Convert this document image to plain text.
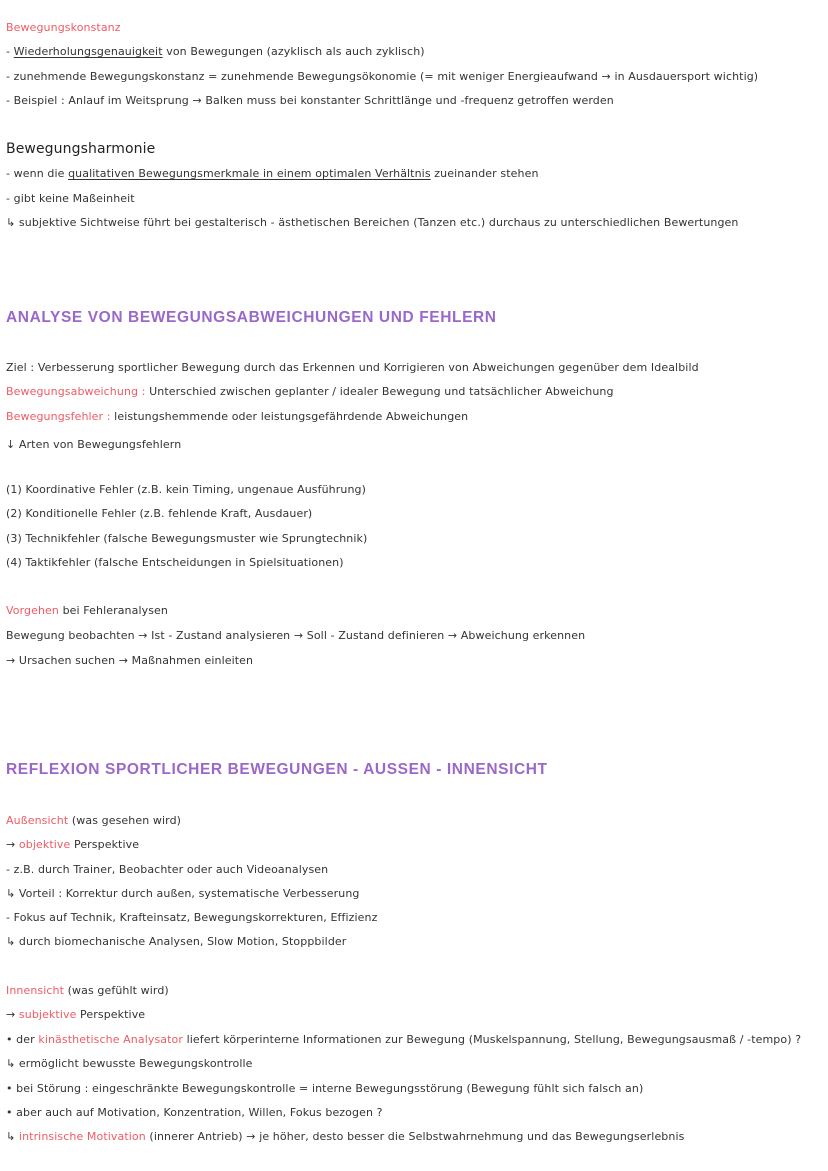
Bewegungskonstanz
- Wiederholungsgenauigkeit von Bewegungen (azyklisch als auch zyklisch)
- zunehmende Bewegungskonstanz = zunehmende Bewegungsökonomie (= mit weniger Energieaufwand → in Ausdauersport wichtig)
- Beispiel : Anlauf im Weitsprung → Balken muss bei konstanter Schrittlänge und -frequenz getroffen werden
Bewegungsharmonie
- wenn die qualitativen Bewegungsmerkmale in einem optimalen Verhältnis zueinander stehen
- gibt keine Maßeinheit
↳ subjektive Sichtweise führt bei gestalterisch - ästhetischen Bereichen (Tanzen etc.) durchaus zu unterschiedlichen Bewertungen
ANALYSE VON BEWEGUNGSABWEICHUNGEN UND FEHLERN
Ziel : Verbesserung sportlicher Bewegung durch das Erkennen und Korrigieren von Abweichungen gegenüber dem Idealbild
Bewegungsabweichung : Unterschied zwischen geplanter / idealer Bewegung und tatsächlicher Abweichung
Bewegungsfehler : leistungshemmende oder leistungsgefährdende Abweichungen
↓ Arten von Bewegungsfehlern
(1) Koordinative Fehler (z.B. kein Timing, ungenaue Ausführung)
(2) Konditionelle Fehler (z.B. fehlende Kraft, Ausdauer)
(3) Technikfehler (falsche Bewegungsmuster wie Sprungtechnik)
(4) Taktikfehler (falsche Entscheidungen in Spielsituationen)
Vorgehen bei Fehleranalysen
Bewegung beobachten → Ist - Zustand analysieren → Soll - Zustand definieren → Abweichung erkennen
→ Ursachen suchen → Maßnahmen einleiten
REFLEXION SPORTLICHER BEWEGUNGEN - AUSSEN - INNENSICHT
Außensicht (was gesehen wird)
→ objektive Perspektive
- z.B. durch Trainer, Beobachter oder auch Videoanalysen
↳ Vorteil : Korrektur durch außen, systematische Verbesserung
- Fokus auf Technik, Krafteinsatz, Bewegungskorrekturen, Effizienz
↳ durch biomechanische Analysen, Slow Motion, Stoppbilder
Innensicht (was gefühlt wird)
→ subjektive Perspektive
• der kinästhetische Analysator liefert körperinterne Informationen zur Bewegung (Muskelspannung, Stellung, Bewegungsausmaß / -tempo) ?
↳ ermöglicht bewusste Bewegungskontrolle
• bei Störung : eingeschränkte Bewegungskontrolle = interne Bewegungsstörung (Bewegung fühlt sich falsch an)
• aber auch auf Motivation, Konzentration, Willen, Fokus bezogen ?
↳ intrinsische Motivation (innerer Antrieb) → je höher, desto besser die Selbstwahrnehmung und das Bewegungserlebnis
